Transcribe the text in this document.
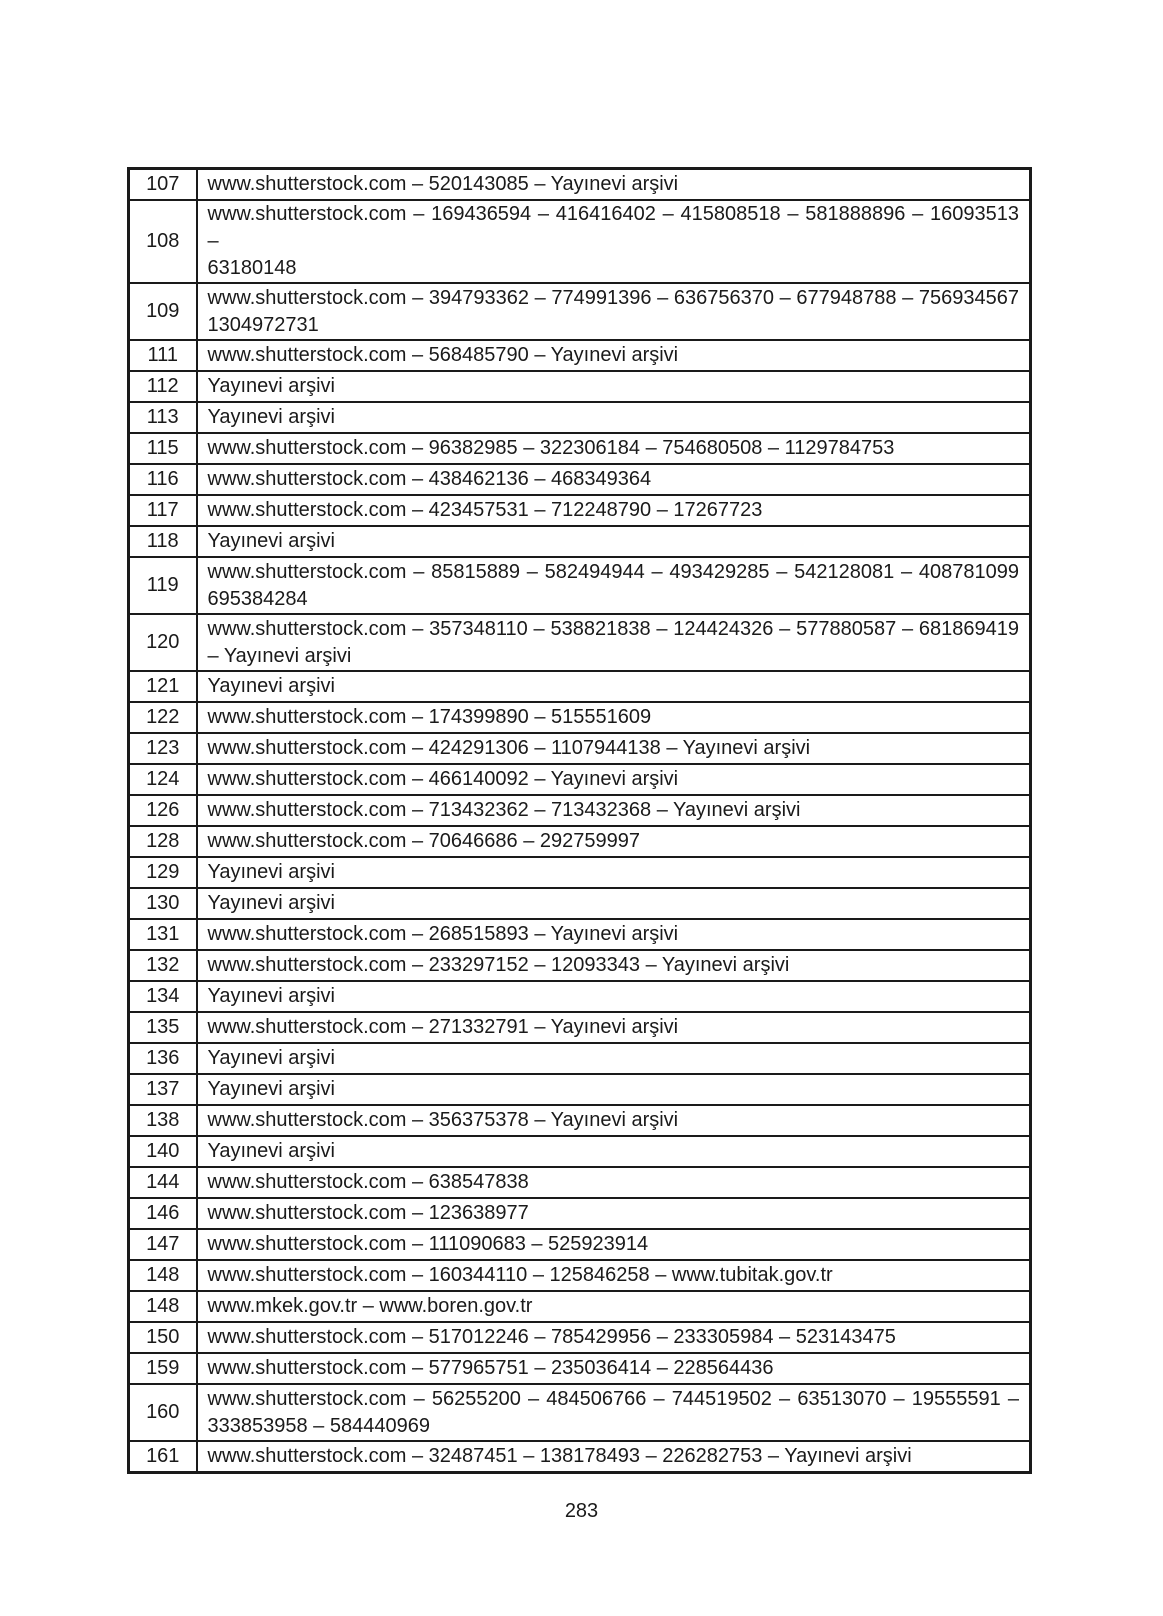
107	www.shutterstock.com – 520143085 – Yayınevi arşivi

108	www.shutterstock.com – 169436594 – 416416402 – 415808518 – 581888896 – 16093513 –
63180148

109	www.shutterstock.com – 394793362 – 774991396 – 636756370 – 677948788 – 756934567
1304972731

111	www.shutterstock.com – 568485790 – Yayınevi arşivi

112	Yayınevi arşivi

113	Yayınevi arşivi

115	www.shutterstock.com – 96382985 – 322306184 – 754680508 – 1129784753

116	www.shutterstock.com – 438462136 – 468349364

117	www.shutterstock.com – 423457531 – 712248790 – 17267723

118	Yayınevi arşivi

119	www.shutterstock.com – 85815889 – 582494944 – 493429285 – 542128081 – 408781099
695384284

120	www.shutterstock.com – 357348110 – 538821838 – 124424326 – 577880587 – 681869419
– Yayınevi arşivi

121	Yayınevi arşivi

122	www.shutterstock.com – 174399890 – 515551609

123	www.shutterstock.com – 424291306 – 1107944138 – Yayınevi arşivi

124	www.shutterstock.com – 466140092 – Yayınevi arşivi

126	www.shutterstock.com – 713432362 – 713432368 – Yayınevi arşivi

128	www.shutterstock.com – 70646686 – 292759997

129	Yayınevi arşivi

130	Yayınevi arşivi

131	www.shutterstock.com – 268515893 – Yayınevi arşivi

132	www.shutterstock.com – 233297152 – 12093343 – Yayınevi arşivi

134	Yayınevi arşivi

135	www.shutterstock.com – 271332791 – Yayınevi arşivi

136	Yayınevi arşivi

137	Yayınevi arşivi

138	www.shutterstock.com – 356375378 – Yayınevi arşivi

140	Yayınevi arşivi

144	www.shutterstock.com – 638547838

146	www.shutterstock.com – 123638977

147	www.shutterstock.com – 111090683 – 525923914

148	www.shutterstock.com – 160344110 – 125846258 – www.tubitak.gov.tr

148	www.mkek.gov.tr – www.boren.gov.tr

150	www.shutterstock.com – 517012246 – 785429956 – 233305984 – 523143475

159	www.shutterstock.com – 577965751 – 235036414 – 228564436

160	www.shutterstock.com – 56255200 – 484506766 – 744519502 – 63513070 – 19555591 –
333853958 – 584440969

161	www.shutterstock.com – 32487451 – 138178493 – 226282753 – Yayınevi arşivi
283
